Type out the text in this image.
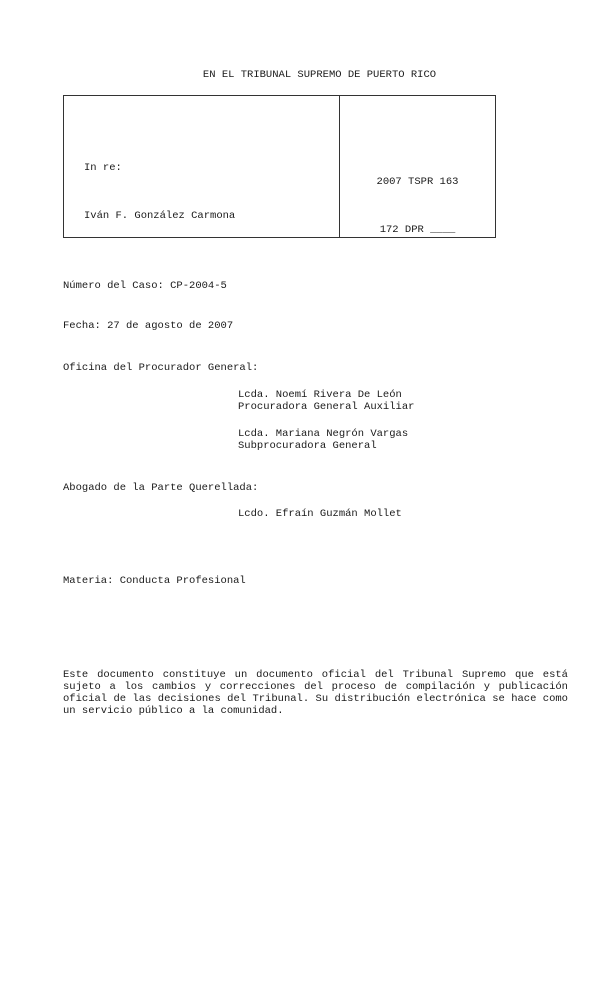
EN EL TRIBUNAL SUPREMO DE PUERTO RICO

In re:

Iván F. González Carmona

2007 TSPR 163

172 DPR ____

Número del Caso: CP-2004-5
Fecha: 27 de agosto de 2007
Oficina del Procurador General:
Lcda. Noemí Rivera De León
Procuradora General Auxiliar
Lcda. Mariana Negrón Vargas
Subprocuradora General
Abogado de la Parte Querellada:
Lcdo. Efraín Guzmán Mollet
Materia: Conducta Profesional
Este documento constituye un documento oficial del Tribunal Supremo que está sujeto a los cambios y correcciones del proceso de compilación y publicación oficial de las decisiones del Tribunal. Su distribución electrónica se hace como un servicio público a la comunidad.
